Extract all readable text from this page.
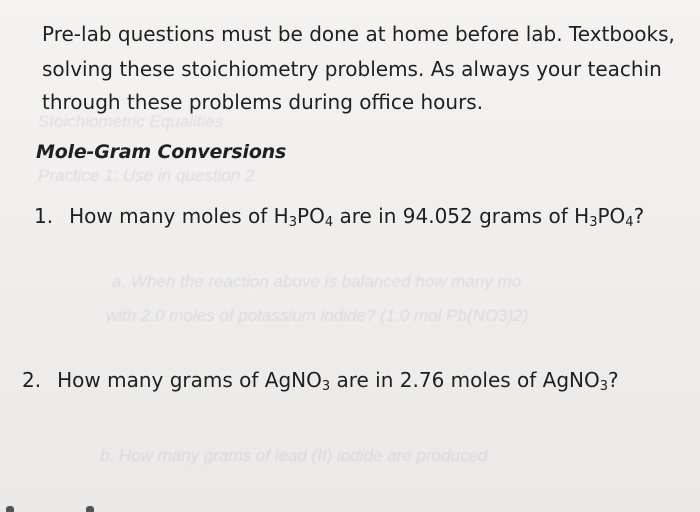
Stoichiometric Equalities
Practice 1: Use in question 2
a. When the reaction above is balanced how many mo
with 2.0 moles of potassium iodide? (1.0 mol Pb(NO3)2)
b. How many grams of lead (II) iodide are produced
Pre-lab questions must be done at home before lab. Textbooks,
solving these stoichiometry problems. As always your teachin
through these problems during office hours.
Mole-Gram Conversions
1. How many moles of $H_3PO_4$ are in 94.052 grams of $H_3PO_4$?
2. How many grams of AgNO$_3$ are in 2.76 moles of AgNO$_3$?
